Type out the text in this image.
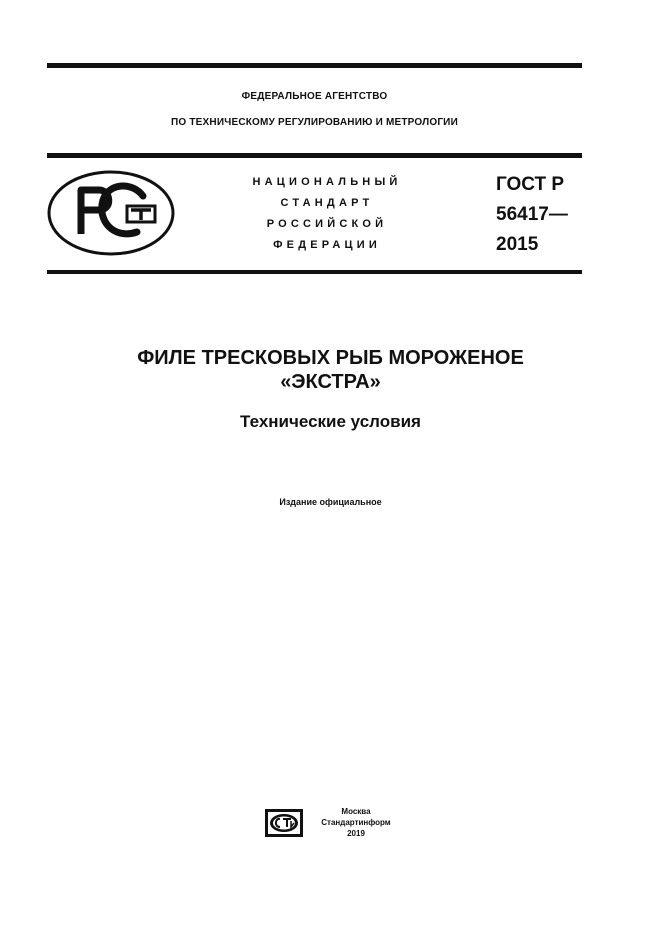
ФЕДЕРАЛЬНОЕ АГЕНТСТВО
ПО ТЕХНИЧЕСКОМУ РЕГУЛИРОВАНИЮ И МЕТРОЛОГИИ
НАЦИОНАЛЬНЫЙ
СТАНДАРТ
РОССИЙСКОЙ
ФЕДЕРАЦИИ
ГОСТ Р
56417—
2015
ФИЛЕ ТРЕСКОВЫХ РЫБ МОРОЖЕНОЕ
«ЭКСТРА»
Технические условия
Издание официальное
Москва
Стандартинформ
2019
